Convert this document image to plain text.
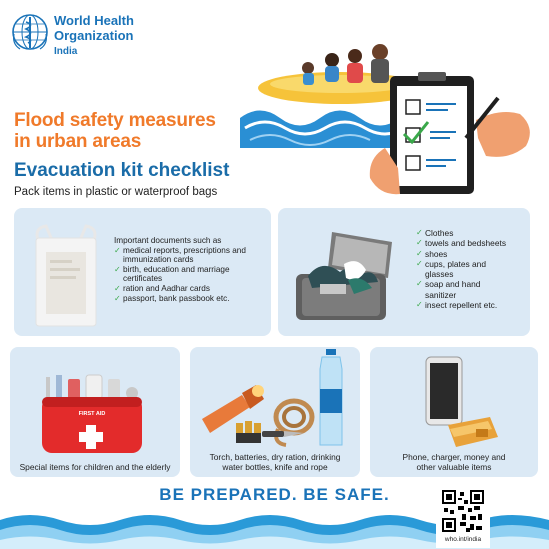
World Health
Organization
India
Flood safety measures
in urban areas
Evacuation kit checklist
Pack items in plastic or waterproof bags
Important documents such as
✓ medical reports, prescriptions and
immunization cards
✓ birth, education and marriage
certificates
✓ ration and Aadhar cards
✓ passport, bank passbook etc.
✓ Clothes
✓ towels and bedsheets
✓ shoes
✓ cups, plates and
glasses
✓ soap and hand
sanitizer
✓ insect repellent etc.
FIRST AID
Special items for children and the elderly
Torch, batteries, dry ration, drinking
water bottles, knife and rope
Phone, charger, money and
other valuable items
BE PREPARED. BE SAFE.
who.int/india
